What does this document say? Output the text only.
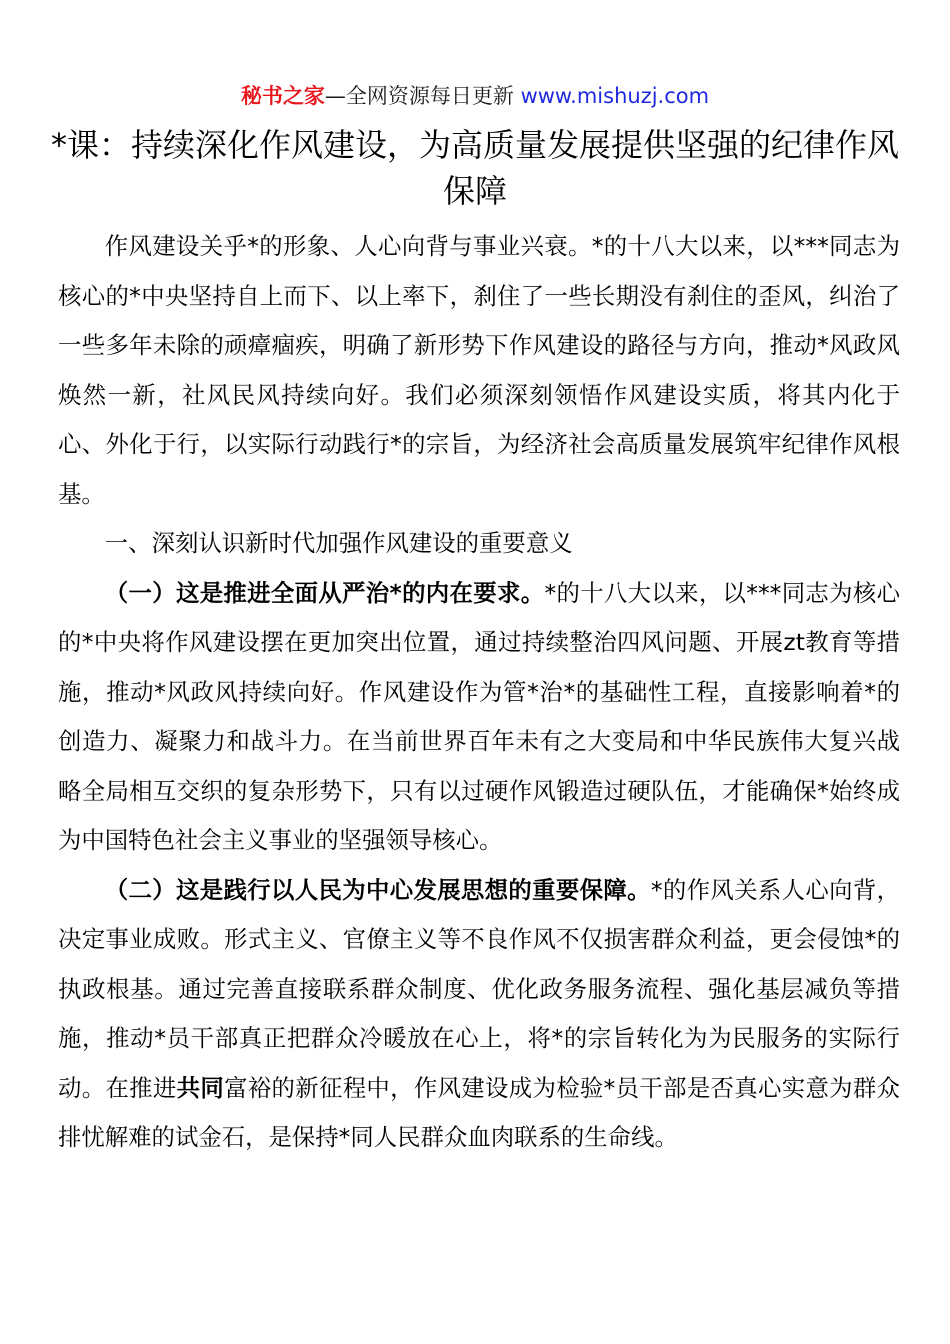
秘书之家—全网资源每日更新 www.mishuzj.com
*课：持续深化作风建设，为高质量发展提供坚强的纪律作风保障

作风建设关乎*的形象、人心向背与事业兴衰。*的十八大以来，以***同志为核心的*中央坚持自上而下、以上率下，刹住了一些长期没有刹住的歪风，纠治了一些多年未除的顽瘴痼疾，明确了新形势下作风建设的路径与方向，推动*风政风焕然一新，社风民风持续向好。我们必须深刻领悟作风建设实质，将其内化于心、外化于行，以实际行动践行*的宗旨，为经济社会高质量发展筑牢纪律作风根基。

一、深刻认识新时代加强作风建设的重要意义

（一）这是推进全面从严治*的内在要求。*的十八大以来，以***同志为核心的*中央将作风建设摆在更加突出位置，通过持续整治四风问题、开展zt教育等措施，推动*风政风持续向好。作风建设作为管*治*的基础性工程，直接影响着*的创造力、凝聚力和战斗力。在当前世界百年未有之大变局和中华民族伟大复兴战略全局相互交织的复杂形势下，只有以过硬作风锻造过硬队伍，才能确保*始终成为中国特色社会主义事业的坚强领导核心。

（二）这是践行以人民为中心发展思想的重要保障。*的作风关系人心向背，决定事业成败。形式主义、官僚主义等不良作风不仅损害群众利益，更会侵蚀*的执政根基。通过完善直接联系群众制度、优化政务服务流程、强化基层减负等措施，推动*员干部真正把群众冷暖放在心上，将*的宗旨转化为为民服务的实际行动。在推进共同富裕的新征程中，作风建设成为检验*员干部是否真心实意为群众排忧解难的试金石，是保持*同人民群众血肉联系的生命线。
